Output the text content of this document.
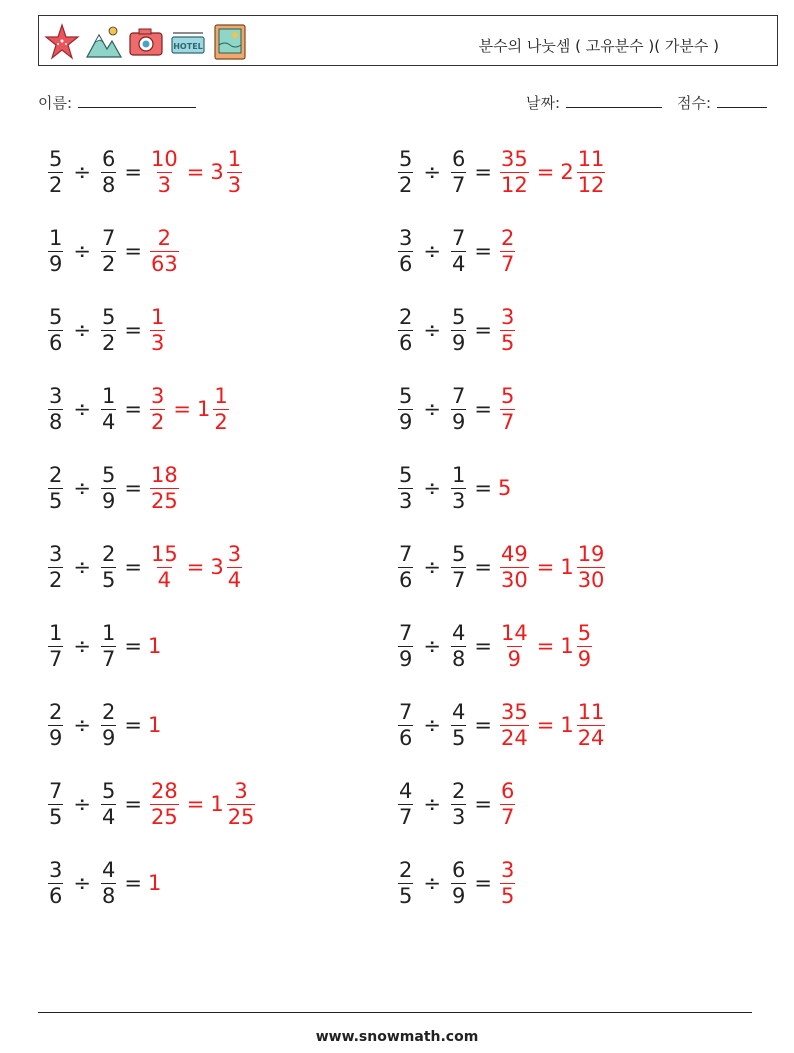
HOTEL	분수의 나눗셈 ( 고유분수 )( 가분수 )
이름:	날짜:	점수:
$\frac{5}{2} \div \frac{6}{8} = \frac{10}{3} = 3 \frac{1}{3}$	$\frac{5}{2} \div \frac{6}{7} = \frac{35}{12} = 2 \frac{11}{12}$
$\frac{1}{9} \div \frac{7}{2} = \frac{2}{63}$	$\frac{3}{6} \div \frac{7}{4} = \frac{2}{7}$
$\frac{5}{6} \div \frac{5}{2} = \frac{1}{3}$	$\frac{2}{6} \div \frac{5}{9} = \frac{3}{5}$
$\frac{3}{8} \div \frac{1}{4} = \frac{3}{2} = 1 \frac{1}{2}$	$\frac{5}{9} \div \frac{7}{9} = \frac{5}{7}$
$\frac{2}{5} \div \frac{5}{9} = \frac{18}{25}$	$\frac{5}{3} \div \frac{1}{3} = 5$
$\frac{3}{2} \div \frac{2}{5} = \frac{15}{4} = 3 \frac{3}{4}$	$\frac{7}{6} \div \frac{5}{7} = \frac{49}{30} = 1 \frac{19}{30}$
$\frac{1}{7} \div \frac{1}{7} = 1$	$\frac{7}{9} \div \frac{4}{8} = \frac{14}{9} = 1 \frac{5}{9}$
$\frac{2}{9} \div \frac{2}{9} = 1$	$\frac{7}{6} \div \frac{4}{5} = \frac{35}{24} = 1 \frac{11}{24}$
$\frac{7}{5} \div \frac{5}{4} = \frac{28}{25} = 1 \frac{3}{25}$	$\frac{4}{7} \div \frac{2}{3} = \frac{6}{7}$
$\frac{3}{6} \div \frac{4}{8} = 1$	$\frac{2}{5} \div \frac{6}{9} = \frac{3}{5}$
www.snowmath.com
